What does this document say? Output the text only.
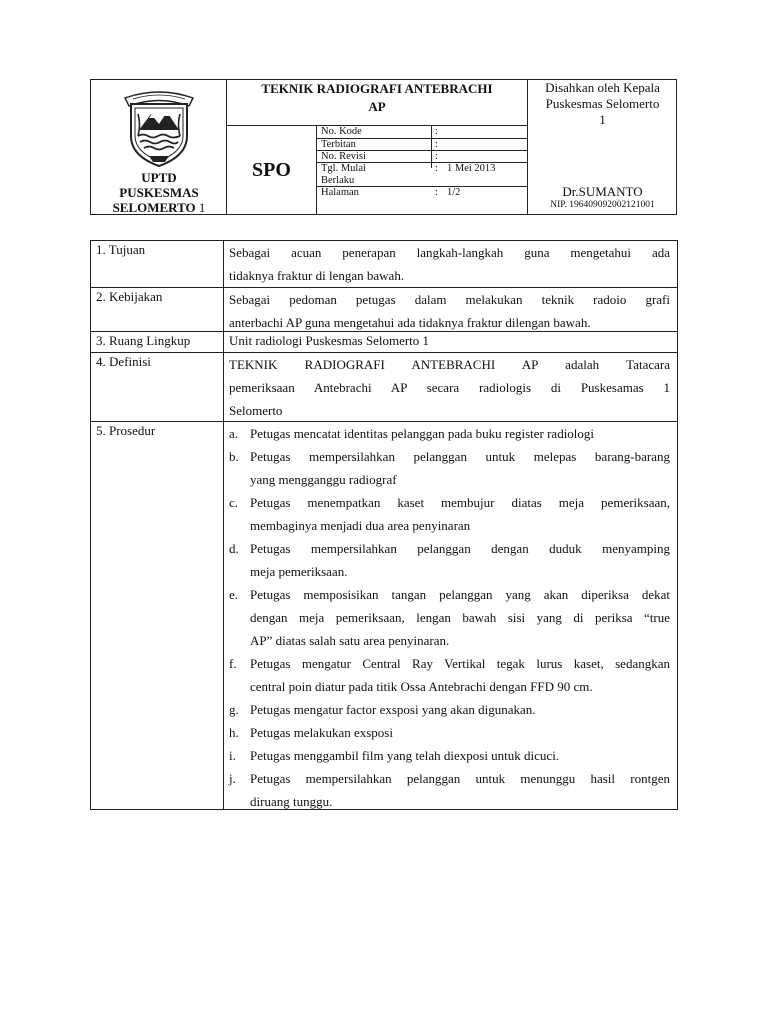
UPTD
PUSKESMAS
SELOMERTO 1
TEKNIK RADIOGRAFI ANTEBRACHI
AP
SPO
No. Kode	:
Terbitan	:
No. Revisi	:
Tgl. Mulai Berlaku
: 1 Mei 2013
Halaman	: 1/2
Disahkan oleh Kepala
Puskesmas Selomerto
1
Dr.SUMANTO
NIP. 196409092002121001
1. Tujuan	Sebagai acuan penerapan langkah-langkah guna mengetahui ada
tidaknya fraktur di lengan bawah.
2. Kebijakan	Sebagai pedoman petugas dalam melakukan teknik radoio grafi
anterbachi AP guna mengetahui ada tidaknya fraktur dilengan bawah.
3. Ruang Lingkup	Unit radiologi Puskesmas Selomerto 1
4. Definisi	TEKNIK RADIOGRAFI ANTEBRACHI AP adalah Tatacara
pemeriksaan Antebrachi AP secara radiologis di Puskesamas 1
Selomerto
5. Prosedur	a. Petugas mencatat identitas pelanggan pada buku register radiologi
b. Petugas mempersilahkan pelanggan untuk melepas barang-barang
yang mengganggu radiograf
c. Petugas menempatkan kaset membujur diatas meja pemeriksaan,
membaginya menjadi dua area penyinaran
d. Petugas mempersilahkan pelanggan dengan duduk menyamping
meja pemeriksaan.
e. Petugas memposisikan tangan pelanggan yang akan diperiksa dekat
dengan meja pemeriksaan, lengan bawah sisi yang di periksa “true
AP” diatas salah satu area penyinaran.
f. Petugas mengatur Central Ray Vertikal tegak lurus kaset, sedangkan
central poin diatur pada titik Ossa Antebrachi dengan FFD 90 cm.
g. Petugas mengatur factor exsposi yang akan digunakan.
h. Petugas melakukan exsposi
i. Petugas menggambil film yang telah diexposi untuk dicuci.
j. Petugas mempersilahkan pelanggan untuk menunggu hasil rontgen
diruang tunggu.
